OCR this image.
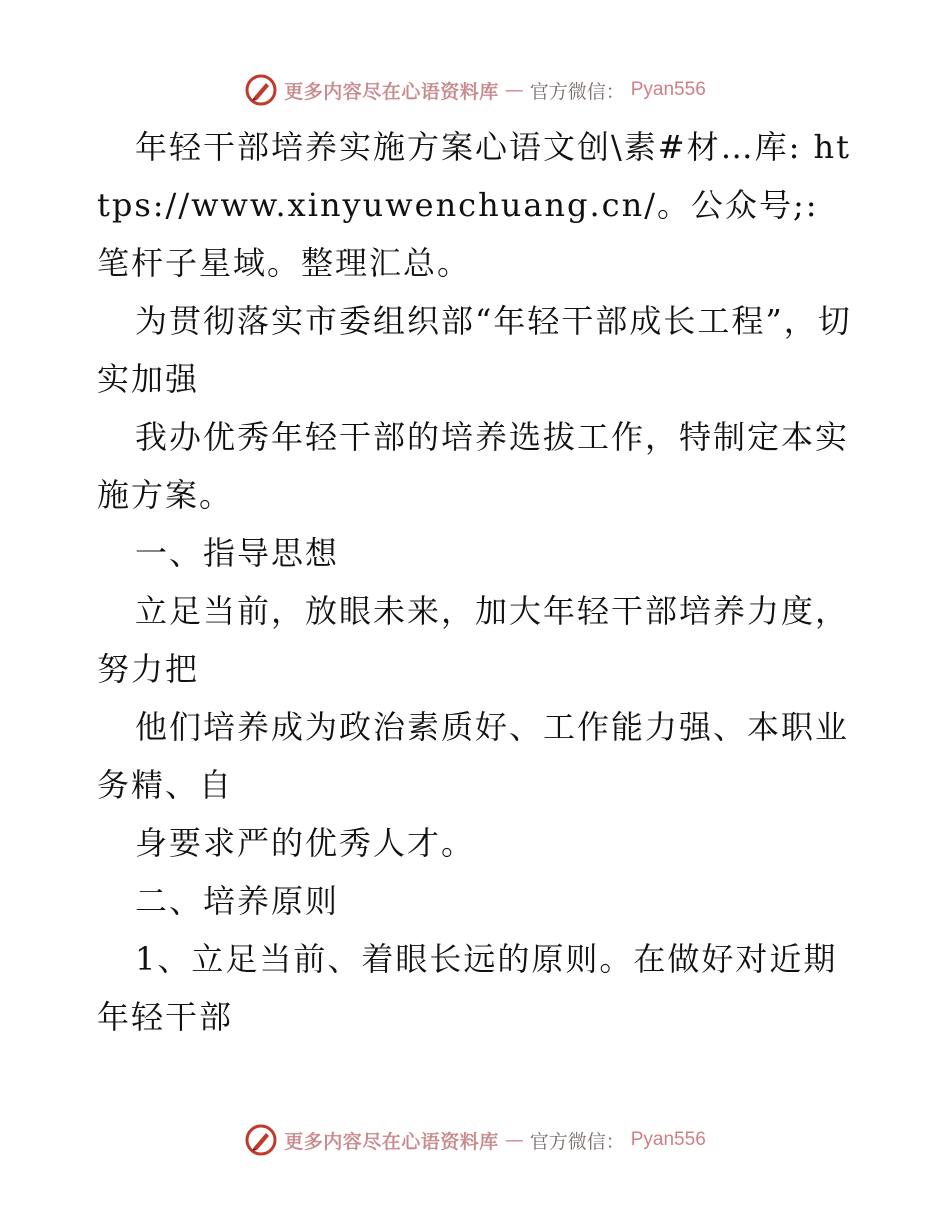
更多内容尽在心语资料库 — 官方微信： Pyan556

年轻干部培养实施方案心语文创\素#材…库: https://www.xinyuwenchuang.cn/。公众号;: 笔杆子星域。整理汇总。

为贯彻落实市委组织部“年轻干部成长工程”，切实加强

我办优秀年轻干部的培养选拔工作，特制定本实施方案。

一、指导思想

立足当前，放眼未来，加大年轻干部培养力度，努力把

他们培养成为政治素质好、工作能力强、本职业务精、自

身要求严的优秀人才。

二、培养原则

1、立足当前、着眼长远的原则。在做好对近期年轻干部

更多内容尽在心语资料库 — 官方微信： Pyan556
